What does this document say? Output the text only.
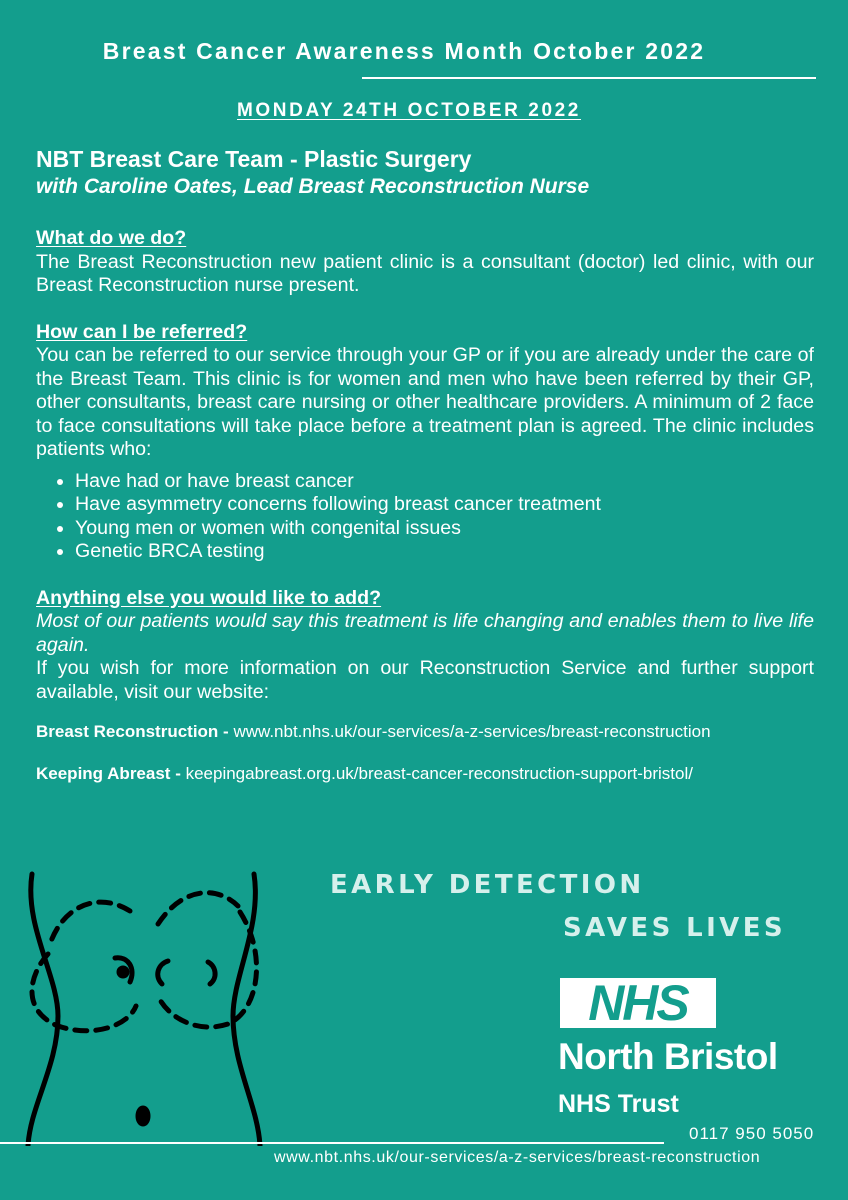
Breast Cancer Awareness Month October 2022
MONDAY 24TH OCTOBER 2022
NBT Breast Care Team - Plastic Surgery
with Caroline Oates, Lead Breast Reconstruction Nurse
What do we do?

The Breast Reconstruction new patient clinic is a consultant (doctor) led clinic, with our Breast Reconstruction nurse present.

How can I be referred?

You can be referred to our service through your GP or if you are already under the care of the Breast Team. This clinic is for women and men who have been referred by their GP, other consultants, breast care nursing or other healthcare providers. A minimum of 2 face to face consultations will take place before a treatment plan is agreed. The clinic includes patients who:

• Have had or have breast cancer
• Have asymmetry concerns following breast cancer treatment
• Young men or women with congenital issues
• Genetic BRCA testing
Anything else you would like to add?

Most of our patients would say this treatment is life changing and enables them to live life again.

If you wish for more information on our Reconstruction Service and further support available, visit our website:

Breast Reconstruction - www.nbt.nhs.uk/our-services/a-z-services/breast-reconstruction

Keeping Abreast - keepingabreast.org.uk/breast-cancer-reconstruction-support-bristol/

EARLY DETECTION
SAVES LIVES
NHS
North Bristol
NHS Trust
0117 950 5050
www.nbt.nhs.uk/our-services/a-z-services/breast-reconstruction
